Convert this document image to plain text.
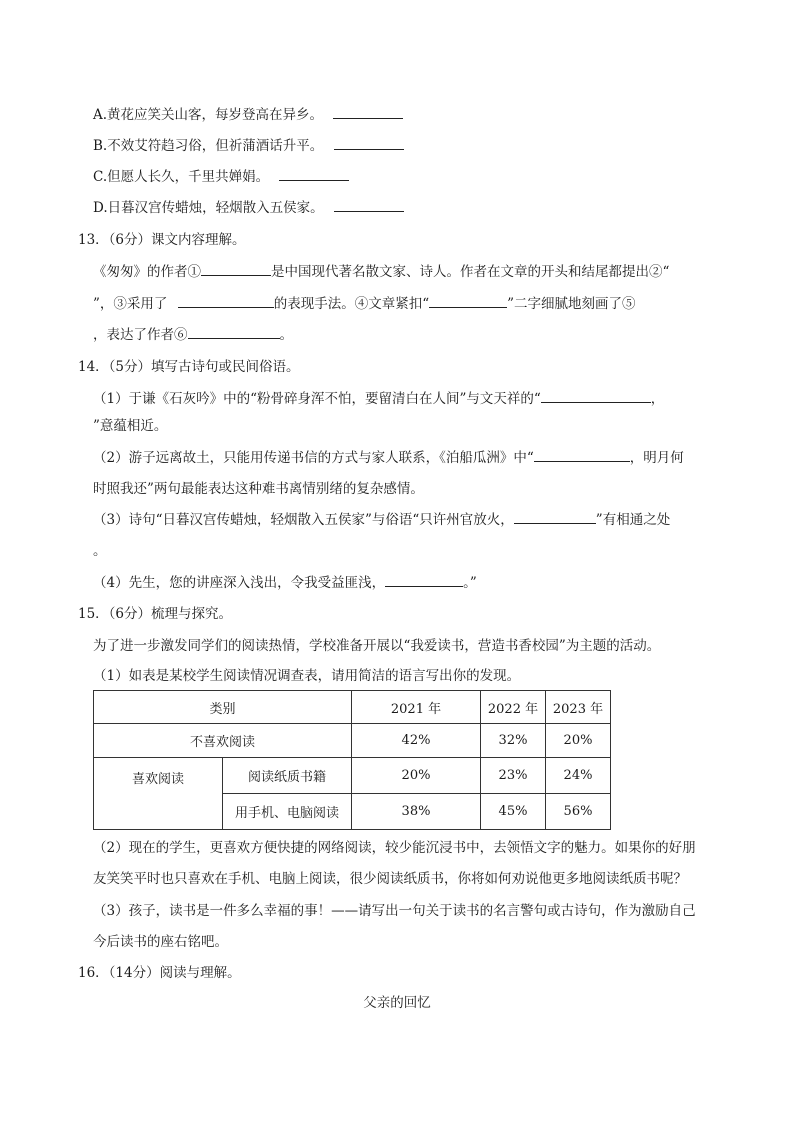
A.黄花应笑关山客，每岁登高在异乡。
B.不效艾符趋习俗，但祈蒲酒话升平。
C.但愿人长久，千里共婵娟。
D.日暮汉宫传蜡烛，轻烟散入五侯家。
13．（6分）课文内容理解。
《匆匆》的作者①	是中国现代著名散文家、诗人。作者在文章的开头和结尾都提出②“
”，③采用了	的表现手法。④文章紧扣“	”二字细腻地刻画了⑤
，表达了作者⑥	。
14．（5分）填写古诗句或民间俗语。
（1）于谦《石灰吟》中的“粉骨碎身浑不怕，要留清白在人间”与文天祥的“	，
”意蕴相近。
（2）游子远离故土，只能用传递书信的方式与家人联系，《泊船瓜洲》中“	，明月何
时照我还”两句最能表达这种难书离情别绪的复杂感情。
（3）诗句“日暮汉宫传蜡烛，轻烟散入五侯家”与俗语“只许州官放火，	”有相通之处
。
（4）先生，您的讲座深入浅出，令我受益匪浅，	。”
15．（6分）梳理与探究。
为了进一步激发同学们的阅读热情，学校准备开展以“我爱读书，营造书香校园”为主题的活动。
（1）如表是某校学生阅读情况调查表，请用简洁的语言写出你的发现。
类别		2021 年	2022 年	2023 年
不喜欢阅读		42%	32%	20%
喜欢阅读	阅读纸质书籍	20%	23%	24%
	用手机、电脑阅读	38%	45%	56%
（2）现在的学生，更喜欢方便快捷的网络阅读，较少能沉浸书中，去领悟文字的魅力。如果你的好朋
友笑笑平时也只喜欢在手机、电脑上阅读，很少阅读纸质书，你将如何劝说他更多地阅读纸质书呢？
（3）孩子，读书是一件多么幸福的事！——请写出一句关于读书的名言警句或古诗句，作为激励自己
今后读书的座右铭吧。
16．（14分）阅读与理解。
父亲的回忆
